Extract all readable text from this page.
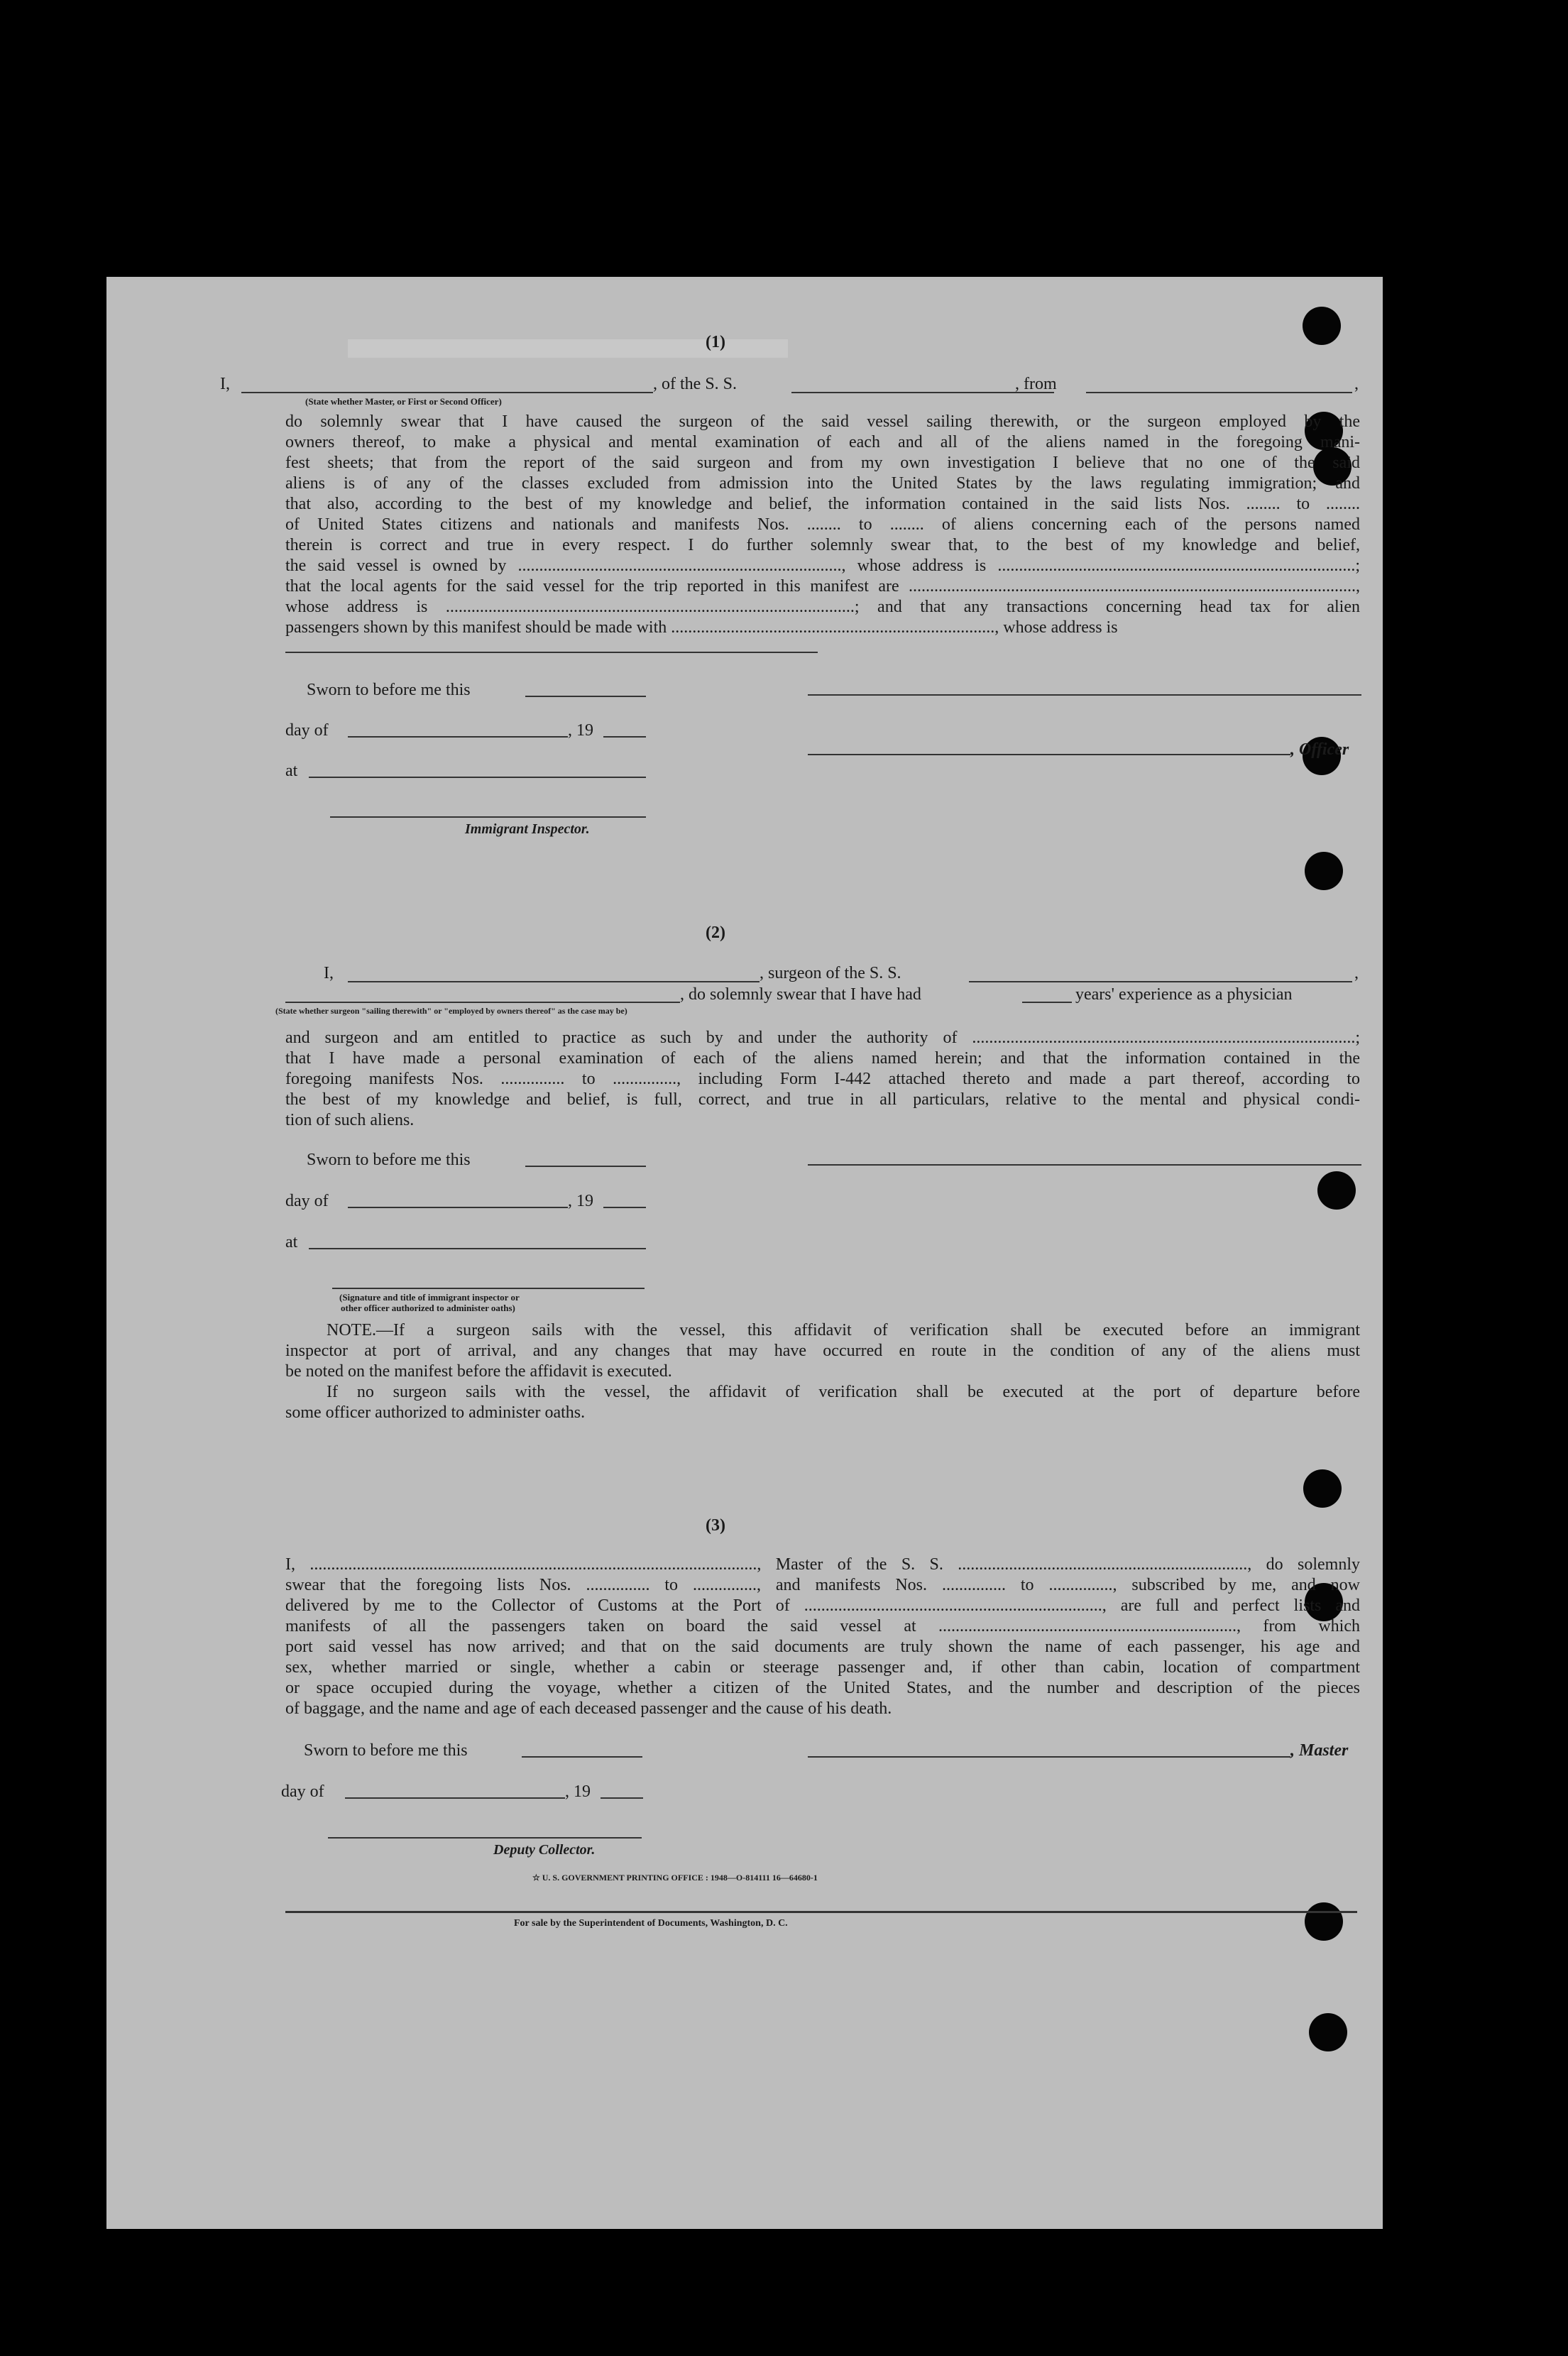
(1)
I,	, of the S. S.	, from	,
(State whether Master, or First or Second Officer)
do solemnly swear that I have caused the surgeon of the said vessel sailing therewith, or the surgeon employed by the
owners thereof, to make a physical and mental examination of each and all of the aliens named in the foregoing mani-
fest sheets; that from the report of the said surgeon and from my own investigation I believe that no one of the said
aliens is of any of the classes excluded from admission into the United States by the laws regulating immigration; and
that also, according to the best of my knowledge and belief, the information contained in the said lists Nos. ........ to ........
of United States citizens and nationals and manifests Nos. ........ to ........ of aliens concerning each of the persons named
therein is correct and true in every respect. I do further solemnly swear that, to the best of my knowledge and belief,
the said vessel is owned by ............................................................................, whose address is ....................................................................................;
that the local agents for the said vessel for the trip reported in this manifest are .........................................................................................................,
whose address is ................................................................................................; and that any transactions concerning head tax for alien
passengers shown by this manifest should be made with ............................................................................, whose address is
Sworn to before me this
day of	, 19
, Officer
at
Immigrant Inspector.
(2)
I,	, surgeon of the S. S.	,
, do solemnly swear that I have had	years' experience as a physician
(State whether surgeon "sailing therewith" or "employed by owners thereof" as the case may be)
and surgeon and am entitled to practice as such by and under the authority of ..........................................................................................;
that I have made a personal examination of each of the aliens named herein; and that the information contained in the
foregoing manifests Nos. ............... to ..............., including Form I-442 attached thereto and made a part thereof, according to
the best of my knowledge and belief, is full, correct, and true in all particulars, relative to the mental and physical condi-
tion of such aliens.
Sworn to before me this
day of	, 19
at
(Signature and title of immigrant inspector or
other officer authorized to administer oaths)
NOTE.—If a surgeon sails with the vessel, this affidavit of verification shall be executed before an immigrant
inspector at port of arrival, and any changes that may have occurred en route in the condition of any of the aliens must
be noted on the manifest before the affidavit is executed.
If no surgeon sails with the vessel, the affidavit of verification shall be executed at the port of departure before
some officer authorized to administer oaths.
(3)
I, ........................................................................................................., Master of the S. S. ...................................................................., do solemnly
swear that the foregoing lists Nos. ............... to ..............., and manifests Nos. ............... to ..............., subscribed by me, and now
delivered by me to the Collector of Customs at the Port of ......................................................................, are full and perfect lists and
manifests of all the passengers taken on board the said vessel at ......................................................................, from which
port said vessel has now arrived; and that on the said documents are truly shown the name of each passenger, his age and
sex, whether married or single, whether a cabin or steerage passenger and, if other than cabin, location of compartment
or space occupied during the voyage, whether a citizen of the United States, and the number and description of the pieces
of baggage, and the name and age of each deceased passenger and the cause of his death.
Sworn to before me this	, Master
day of	, 19
Deputy Collector.
☆ U. S. GOVERNMENT PRINTING OFFICE : 1948—O-814111 16—64680-1
For sale by the Superintendent of Documents, Washington, D. C.
